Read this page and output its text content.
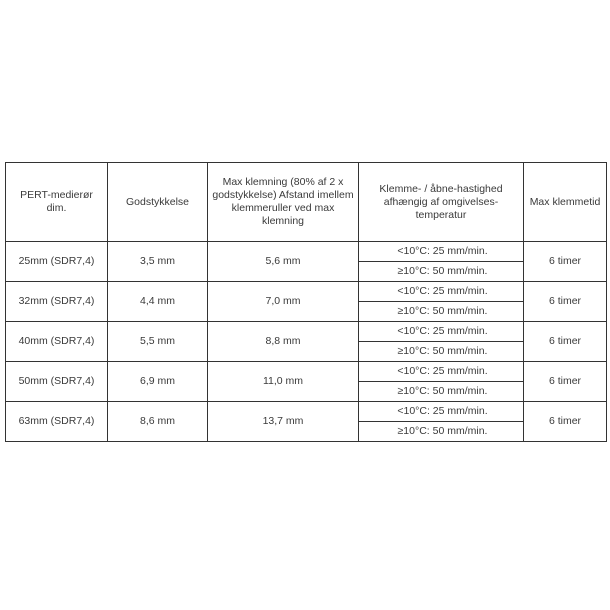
PERT-medierør dim.	Godstykkelse	Max klemning (80% af 2 x godstykkelse) Afstand imellem klemmeruller ved max klemning	Klemme- / åbne-hastighed afhængig af omgivelses-temperatur	Max klemmetid
25mm (SDR7,4)	3,5 mm	5,6 mm	<10°C: 25 mm/min.	6 timer
			≥10°C: 50 mm/min.	
32mm (SDR7,4)	4,4 mm	7,0 mm	<10°C: 25 mm/min.	6 timer
			≥10°C: 50 mm/min.	
40mm (SDR7,4)	5,5 mm	8,8 mm	<10°C: 25 mm/min.	6 timer
			≥10°C: 50 mm/min.	
50mm (SDR7,4)	6,9 mm	11,0 mm	<10°C: 25 mm/min.	6 timer
			≥10°C: 50 mm/min.	
63mm (SDR7,4)	8,6 mm	13,7 mm	<10°C: 25 mm/min.	6 timer
			≥10°C: 50 mm/min.	
